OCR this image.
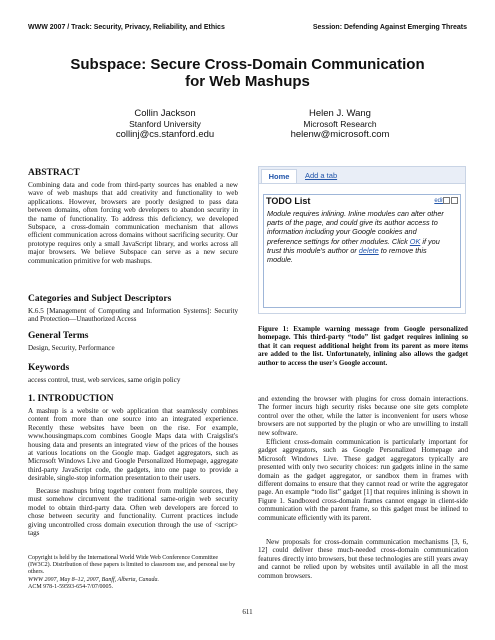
WWW 2007 / Track: Security, Privacy, Reliability, and Ethics	Session: Defending Against Emerging Threats
Subspace: Secure Cross-Domain Communication
for Web Mashups
Collin Jackson
Stanford University
collinj@cs.stanford.edu
Helen J. Wang
Microsoft Research
helenw@microsoft.com
ABSTRACT
Combining data and code from third-party sources has enabled a new wave of web mashups that add creativity and functionality to web applications. However, browsers are poorly designed to pass data between domains, often forcing web developers to abandon security in the name of functionality. To address this deficiency, we developed Subspace, a cross-domain communication mechanism that allows efficient communication across domains without sacrificing security. Our prototype requires only a small JavaScript library, and works across all major browsers. We believe Subspace can serve as a new secure communication primitive for web mashups.
Categories and Subject Descriptors
K.6.5 [Management of Computing and Information Systems]: Security and Protection—Unauthorized Access
General Terms
Design, Security, Performance
Keywords
access control, trust, web services, same origin policy
1. INTRODUCTION
A mashup is a website or web application that seamlessly combines content from more than one source into an integrated experience. Recently these websites have been on the rise. For example, www.housingmaps.com combines Google Maps data with Craigslist's housing data and presents an integrated view of the prices of the houses at various locations on the Google map. Gadget aggregators, such as Microsoft Windows Live and Google Personalized Homepage, aggregate third-party JavaScript code, the gadgets, into one page to provide a desirable, single-stop information presentation to their users.
Because mashups bring together content from multiple sources, they must somehow circumvent the traditional same-origin web security model to obtain third-party data. Often web developers are forced to chose between security and functionality. Current practices include giving uncontrolled cross domain execution through the use of <script> tags
Copyright is held by the International World Wide Web Conference Committee (IW3C2). Distribution of these papers is limited to classroom use, and personal use by others.
WWW 2007, May 8–12, 2007, Banff, Alberta, Canada.
ACM 978-1-59593-654-7/07/0005.
Home	Add a tab
TODO List	edit
Module requires inlining. Inline modules can alter other parts of the page, and could give its author access to information including your Google cookies and preference settings for other modules. Click OK if you trust this module's author or delete to remove this module.
Figure 1: Example warning message from Google personalized homepage. This third-party “todo” list gadget requires inlining so that it can request additional height from its parent as more items are added to the list. Unfortunately, inlining also allows the gadget author to access the user's Google account.
and extending the browser with plugins for cross domain interactions. The former incurs high security risks because one site gets complete control over the other, while the latter is inconvenient for users whose browsers are not supported by the plugin or who are unwilling to install new software.
Efficient cross-domain communication is particularly important for gadget aggregators, such as Google Personalized Homepage and Microsoft Windows Live. These gadget aggregators typically are presented with only two security choices: run gadgets inline in the same domain as the gadget aggregator, or sandbox them in frames with different domains to ensure that they cannot read or write the aggregator page. An example “todo list” gadget [1] that requires inlining is shown in Figure 1. Sandboxed cross-domain frames cannot engage in client-side communication with the parent frame, so this gadget must be inlined to communicate efficiently with its parent.
New proposals for cross-domain communication mechanisms [3, 6, 12] could deliver these much-needed cross-domain communication features directly into browsers, but these technologies are still years away and cannot be relied upon by websites until available in all the most common browsers.
611
